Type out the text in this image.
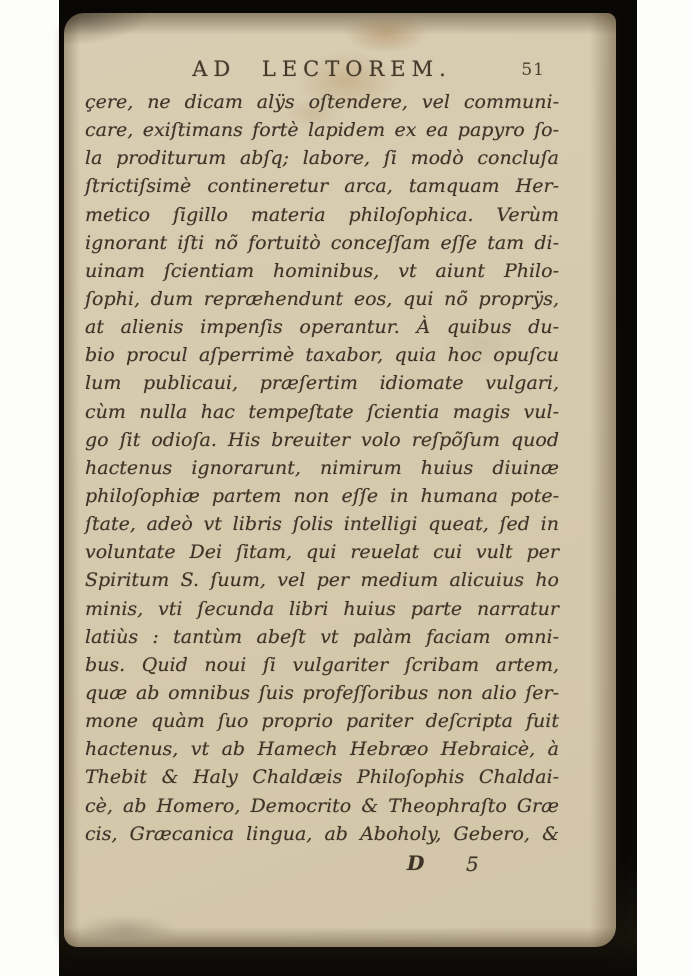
AD LECTOREM.	51

çere, ne dicam alÿs oſtendere, vel communi-

care, exiſtimans fortè lapidem ex ea papyro ſo-

la proditurum abſq; labore, ſi modò concluſa

ſtrictiſsimè contineretur arca, tamquam Her-

metico ſigillo materia philoſophica. Verùm

ignorant iſti nõ fortuitò conceſſam eſſe tam di-

uinam ſcientiam hominibus, vt aiunt Philo-

ſophi, dum repræhendunt eos, qui nõ proprÿs,

at alienis impenſis operantur. À quibus du-

bio procul aſperrimè taxabor, quia hoc opuſcu

lum publicaui, præſertim idiomate vulgari,

cùm nulla hac tempeſtate ſcientia magis vul-

go ſit odioſa. His breuiter volo reſpõſum quod

hactenus ignorarunt, nimirum huius diuinæ

philoſophiæ partem non eſſe in humana pote-

ſtate, adeò vt libris ſolis intelligi queat, ſed in

voluntate Dei ſitam, qui reuelat cui vult per

Spiritum S. ſuum, vel per medium alicuius ho

minis, vti ſecunda libri huius parte narratur

latiùs : tantùm abeſt vt palàm faciam omni-

bus. Quid noui ſi vulgariter ſcribam artem,

quæ ab omnibus ſuis profeſſoribus non alio ſer-

mone quàm ſuo proprio pariter deſcripta fuit

hactenus, vt ab Hamech Hebræo Hebraicè, à

Thebit & Haly Chaldæis Philoſophis Chaldai-

cè, ab Homero, Democrito & Theophraſto Græ

cis, Græcanica lingua, ab Aboholy, Gebero, &

D 5
